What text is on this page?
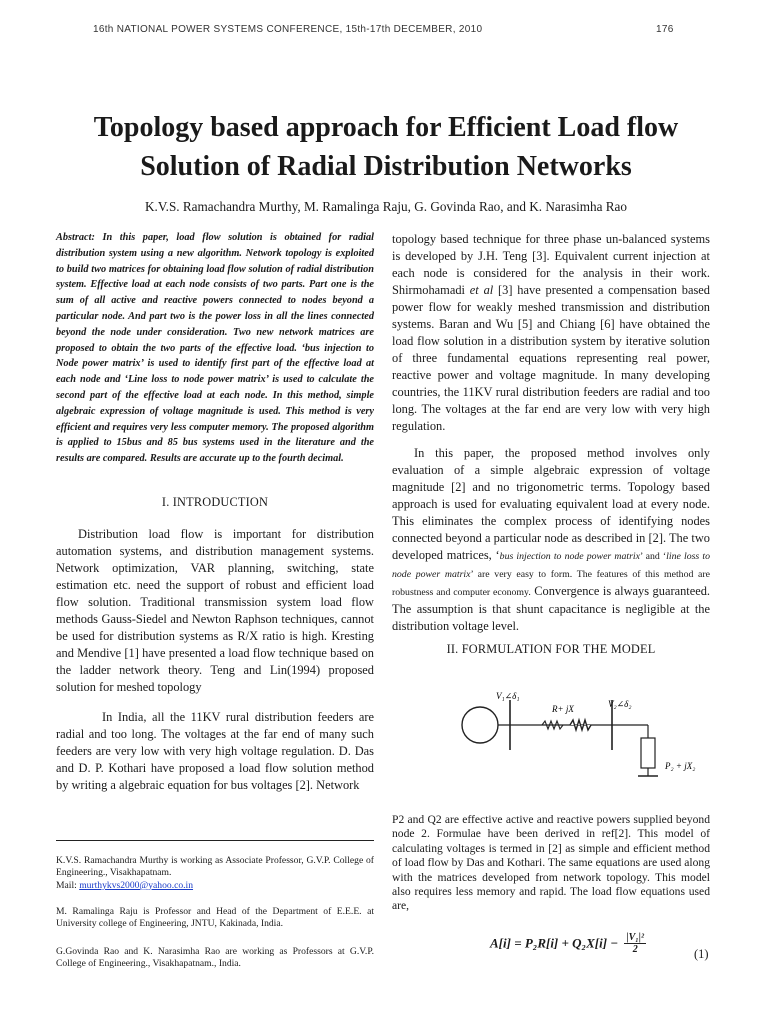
16th NATIONAL POWER SYSTEMS CONFERENCE, 15th-17th DECEMBER, 2010	176
Topology based approach for Efficient Load flow
Solution of Radial Distribution Networks
K.V.S. Ramachandra Murthy, M. Ramalinga Raju, G. Govinda Rao, and K. Narasimha Rao
Abstract: In this paper, load flow solution is obtained for radial distribution system using a new algorithm. Network topology is exploited to build two matrices for obtaining load flow solution of radial distribution system. Effective load at each node consists of two parts. Part one is the sum of all active and reactive powers connected to nodes beyond a particular node. And part two is the power loss in all the lines connected beyond the node under consideration. Two new network matrices are proposed to obtain the two parts of the effective load. ‘bus injection to Node power matrix’ is used to identify first part of the effective load at each node and ‘Line loss to node power matrix’ is used to calculate the second part of the effective load at each node. In this method, simple algebraic expression of voltage magnitude is used. This method is very efficient and requires very less computer memory. The proposed algorithm is applied to 15bus and 85 bus systems used in the literature and the results are compared. Results are accurate up to the fourth decimal.
I. INTRODUCTION
Distribution load flow is important for distribution automation systems, and distribution management systems. Network optimization, VAR planning, switching, state estimation etc. need the support of robust and efficient load flow solution. Traditional transmission system load flow methods Gauss-Siedel and Newton Raphson techniques, cannot be used for distribution systems as R/X ratio is high. Kresting and Mendive [1] have presented a load flow technique based on the ladder network theory. Teng and Lin(1994) proposed solution for meshed topology
In India, all the 11KV rural distribution feeders are radial and too long. The voltages at the far end of many such feeders are very low with very high voltage regulation. D. Das and D. P. Kothari have proposed a load flow solution method by writing a algebraic equation for bus voltages [2]. Network
topology based technique for three phase un-balanced systems is developed by J.H. Teng [3]. Equivalent current injection at each node is considered for the analysis in their work. Shirmohamadi et al [3] have presented a compensation based power flow for weakly meshed transmission and distribution systems. Baran and Wu [5] and Chiang [6] have obtained the load flow solution in a distribution system by iterative solution of three fundamental equations representing real power, reactive power and voltage magnitude. In many developing countries, the 11KV rural distribution feeders are radial and too long. The voltages at the far end are very low with very high regulation.
In this paper, the proposed method involves only evaluation of a simple algebraic expression of voltage magnitude [2] and no trigonometric terms. Topology based approach is used for evaluating equivalent load at every node. This eliminates the complex process of identifying nodes connected beyond a particular node as described in [2]. The two developed matrices, ‘bus injection to node power matrix’ and ‘line loss to node power matrix’ are very easy to form. The features of this method are robustness and computer economy. Convergence is always guaranteed. The assumption is that shunt capacitance is negligible at the distribution voltage level.
II. FORMULATION FOR THE MODEL
V₁∠δ₁
R+ jX	V₂∠δ₂
P₂ + jX₂
P2 and Q2 are effective active and reactive powers supplied beyond node 2. Formulae have been derived in ref[2]. This model of calculating voltages is termed in [2] as simple and efficient method of load flow by Das and Kothari. The same equations are used along with the matrices developed from network topology. This model also requires less memory and rapid. The load flow equations used are,
$A[i] = P_2R[i] + Q_2X[i] - \frac{\text{|V₁|²}}{2}$	(1)
K.V.S. Ramachandra Murthy is working as Associate Professor, G.V.P. College of Engineering., Visakhapatnam.
Mail: murthykvs2000@yahoo.co.in
M. Ramalinga Raju is Professor and Head of the Department of E.E.E. at University college of Engineering, JNTU, Kakinada, India.
G.Govinda Rao and K. Narasimha Rao are working as Professors at G.V.P. College of Engineering., Visakhapatnam., India.
